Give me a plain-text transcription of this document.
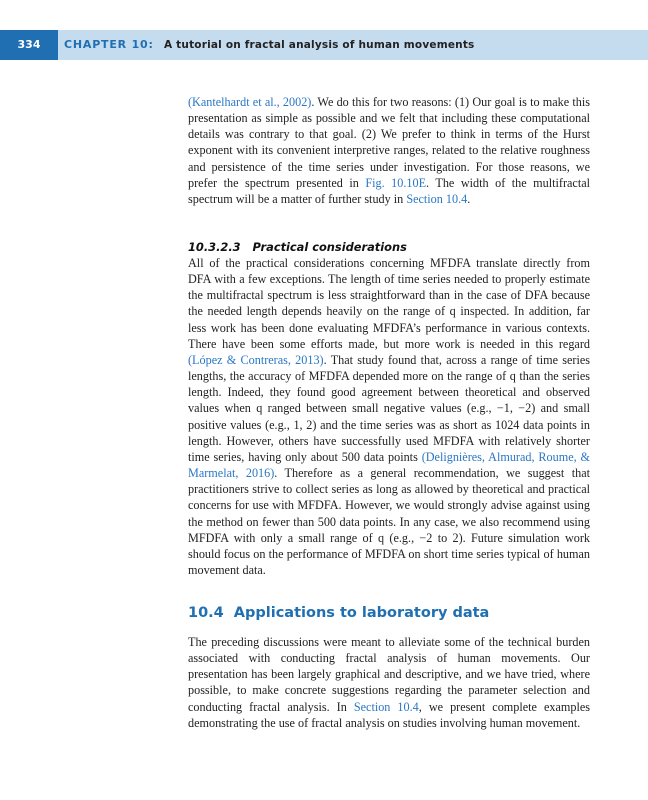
334	CHAPTER 10: A tutorial on fractal analysis of human movements

(Kantelhardt et al., 2002). We do this for two reasons: (1) Our goal is to make this presentation as simple as possible and we felt that including these computational details was contrary to that goal. (2) We prefer to think in terms of the Hurst exponent with its convenient interpretive ranges, related to the relative roughness and persistence of the time series under investigation. For those reasons, we prefer the spectrum presented in Fig. 10.10E. The width of the multifractal spectrum will be a matter of further study in Section 10.4.

10.3.2.3 Practical considerations

All of the practical considerations concerning MFDFA translate directly from DFA with a few exceptions. The length of time series needed to properly estimate the multifractal spectrum is less straightforward than in the case of DFA because the needed length depends heavily on the range of q inspected. In addition, far less work has been done evaluating MFDFA’s performance in various contexts. There have been some efforts made, but more work is needed in this regard (López & Contreras, 2013). That study found that, across a range of time series lengths, the accuracy of MFDFA depended more on the range of q than the series length. Indeed, they found good agreement between theoretical and observed values when q ranged between small negative values (e.g., −1, −2) and small positive values (e.g., 1, 2) and the time series was as short as 1024 data points in length. However, others have successfully used MFDFA with relatively shorter time series, having only about 500 data points (Delignières, Almurad, Roume, & Marmelat, 2016). Therefore as a general recommendation, we suggest that practitioners strive to collect series as long as allowed by theoretical and practical concerns for use with MFDFA. However, we would strongly advise against using the method on fewer than 500 data points. In any case, we also recommend using MFDFA with only a small range of q (e.g., −2 to 2). Future simulation work should focus on the performance of MFDFA on short time series typical of human movement data.

10.4 Applications to laboratory data

The preceding discussions were meant to alleviate some of the technical burden associated with conducting fractal analysis of human movements. Our presentation has been largely graphical and descriptive, and we have tried, where possible, to make concrete suggestions regarding the parameter selection and conducting fractal analysis. In Section 10.4, we present complete examples demonstrating the use of fractal analysis on studies involving human movement.
